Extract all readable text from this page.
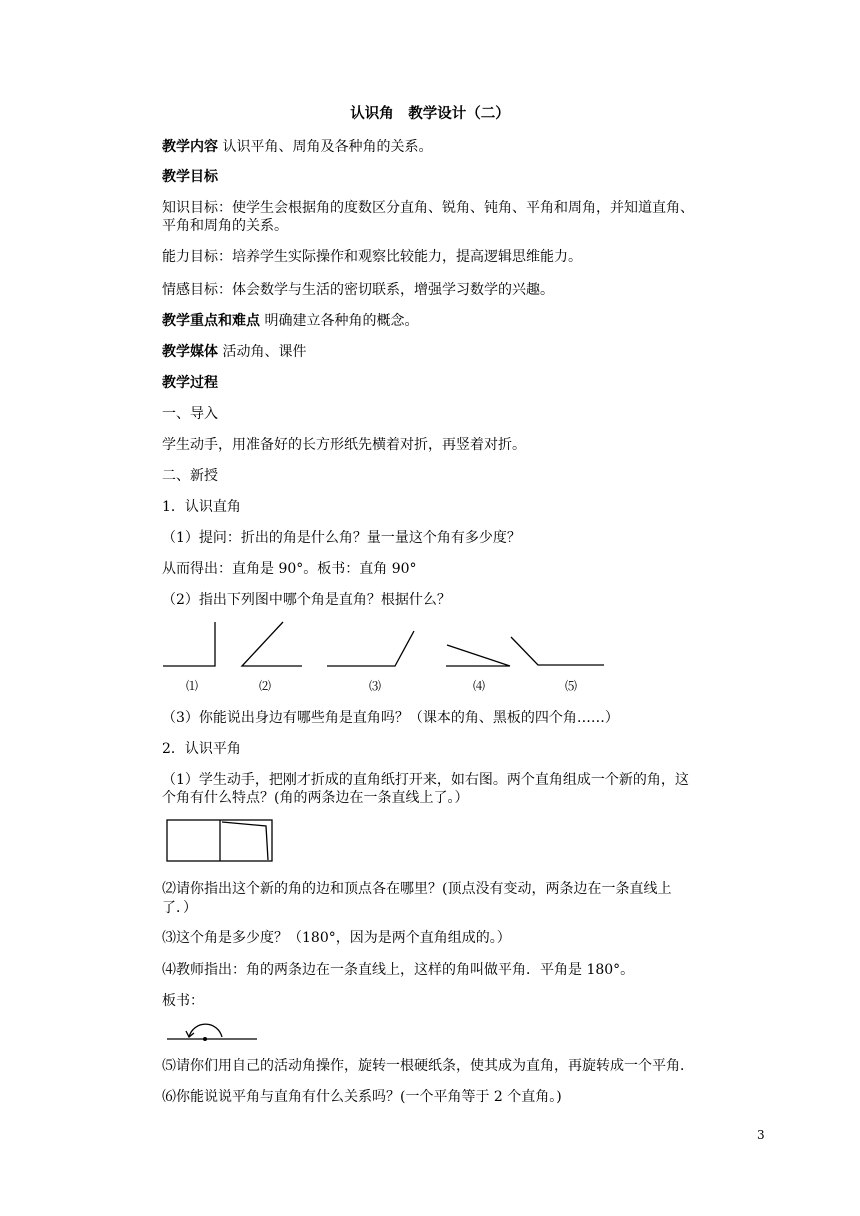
认识角　教学设计（二）
教学内容 认识平角、周角及各种角的关系。
教学目标
知识目标：使学生会根据角的度数区分直角、锐角、钝角、平角和周角，并知道直角、
平角和周角的关系。
能力目标：培养学生实际操作和观察比较能力，提高逻辑思维能力。
情感目标：体会数学与生活的密切联系，增强学习数学的兴趣。
教学重点和难点 明确建立各种角的概念。
教学媒体 活动角、课件
教学过程
一、导入
学生动手，用准备好的长方形纸先横着对折，再竖着对折。
二、新授
1．认识直角
（1）提问：折出的角是什么角？量一量这个角有多少度？
从而得出：直角是 90°。板书：直角 90°
（2）指出下列图中哪个角是直角？根据什么？
⑴	⑵	⑶	⑷	⑸
（3）你能说出身边有哪些角是直角吗？（课本的角、黑板的四个角……）
2．认识平角
（1）学生动手，把刚才折成的直角纸打开来，如右图。两个直角组成一个新的角，这
个角有什么特点？(角的两条边在一条直线上了。）
⑵请你指出这个新的角的边和顶点各在哪里？(顶点没有变动，两条边在一条直线上
了．）
⑶这个角是多少度？（180°，因为是两个直角组成的。）
⑷教师指出：角的两条边在一条直线上，这样的角叫做平角．平角是 180°。
板书：
⑸请你们用自己的活动角操作，旋转一根硬纸条，使其成为直角，再旋转成一个平角．
⑹你能说说平角与直角有什么关系吗？(一个平角等于 2 个直角。)
3
